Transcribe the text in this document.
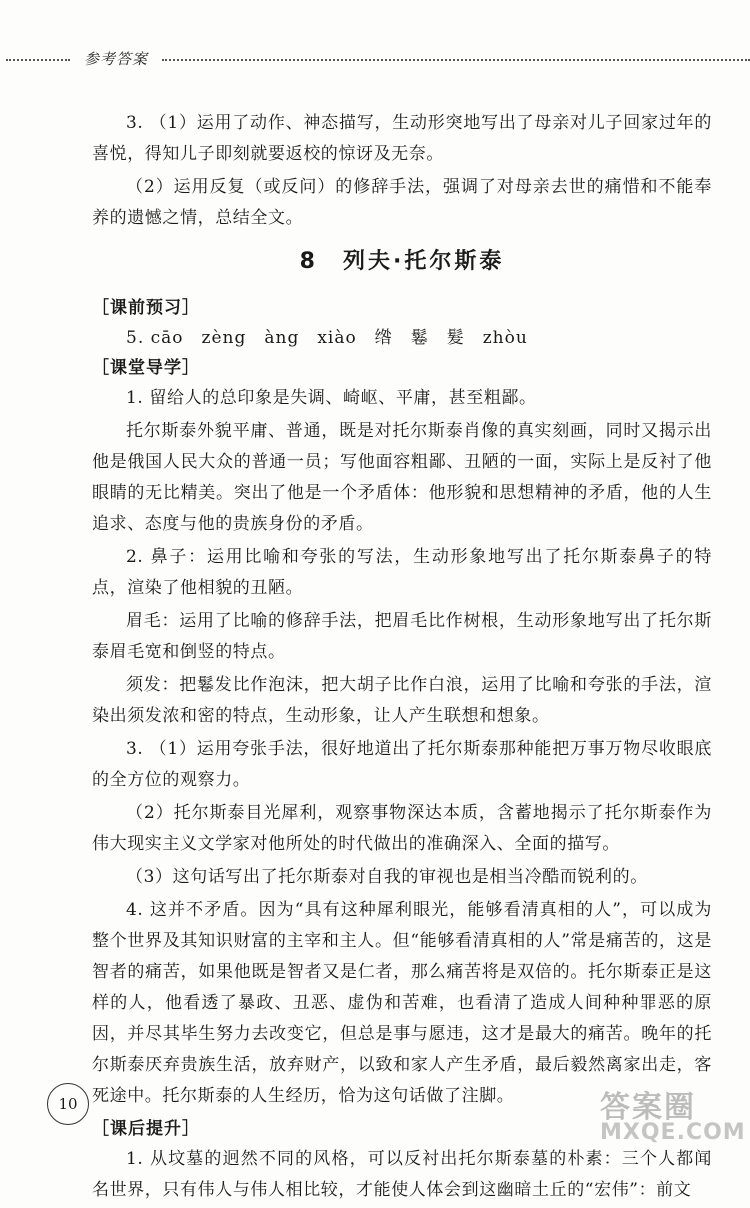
参考答案

3. （1）运用了动作、神态描写，生动形突地写出了母亲对儿子回家过年的喜悦，得知儿子即刻就要返校的惊讶及无奈。

（2）运用反复（或反问）的修辞手法，强调了对母亲去世的痛惜和不能奉养的遗憾之情，总结全文。

8　列夫·托尔斯泰

［课前预习］

5. cāo　zèng　àng　xiào　绺　鬈　髮　zhòu

［课堂导学］

1. 留给人的总印象是失调、崎岖、平庸，甚至粗鄙。

托尔斯泰外貌平庸、普通，既是对托尔斯泰肖像的真实刻画，同时又揭示出他是俄国人民大众的普通一员；写他面容粗鄙、丑陋的一面，实际上是反衬了他眼睛的无比精美。突出了他是一个矛盾体：他形貌和思想精神的矛盾，他的人生追求、态度与他的贵族身份的矛盾。

2. 鼻子：运用比喻和夸张的写法，生动形象地写出了托尔斯泰鼻子的特点，渲染了他相貌的丑陋。

眉毛：运用了比喻的修辞手法，把眉毛比作树根，生动形象地写出了托尔斯泰眉毛宽和倒竖的特点。

须发：把鬈发比作泡沫，把大胡子比作白浪，运用了比喻和夸张的手法，渲染出须发浓和密的特点，生动形象，让人产生联想和想象。

3. （1）运用夸张手法，很好地道出了托尔斯泰那种能把万事万物尽收眼底的全方位的观察力。

（2）托尔斯泰目光犀利，观察事物深达本质，含蓄地揭示了托尔斯泰作为伟大现实主义文学家对他所处的时代做出的准确深入、全面的描写。

（3）这句话写出了托尔斯泰对自我的审视也是相当冷酷而锐利的。

4. 这并不矛盾。因为“具有这种犀利眼光，能够看清真相的人”，可以成为整个世界及其知识财富的主宰和主人。但“能够看清真相的人”常是痛苦的，这是智者的痛苦，如果他既是智者又是仁者，那么痛苦将是双倍的。托尔斯泰正是这样的人，他看透了暴政、丑恶、虚伪和苦难，也看清了造成人间种种罪恶的原因，并尽其毕生努力去改变它，但总是事与愿违，这才是最大的痛苦。晚年的托尔斯泰厌弃贵族生活，放弃财产，以致和家人产生矛盾，最后毅然离家出走，客死途中。托尔斯泰的人生经历，恰为这句话做了注脚。

［课后提升］

1. 从坟墓的迥然不同的风格，可以反衬出托尔斯泰墓的朴素：三个人都闻名世界，只有伟人与伟人相比较，才能使人体会到这幽暗土丘的“宏伟”：前文

10	答案圈
MXQE.COM
